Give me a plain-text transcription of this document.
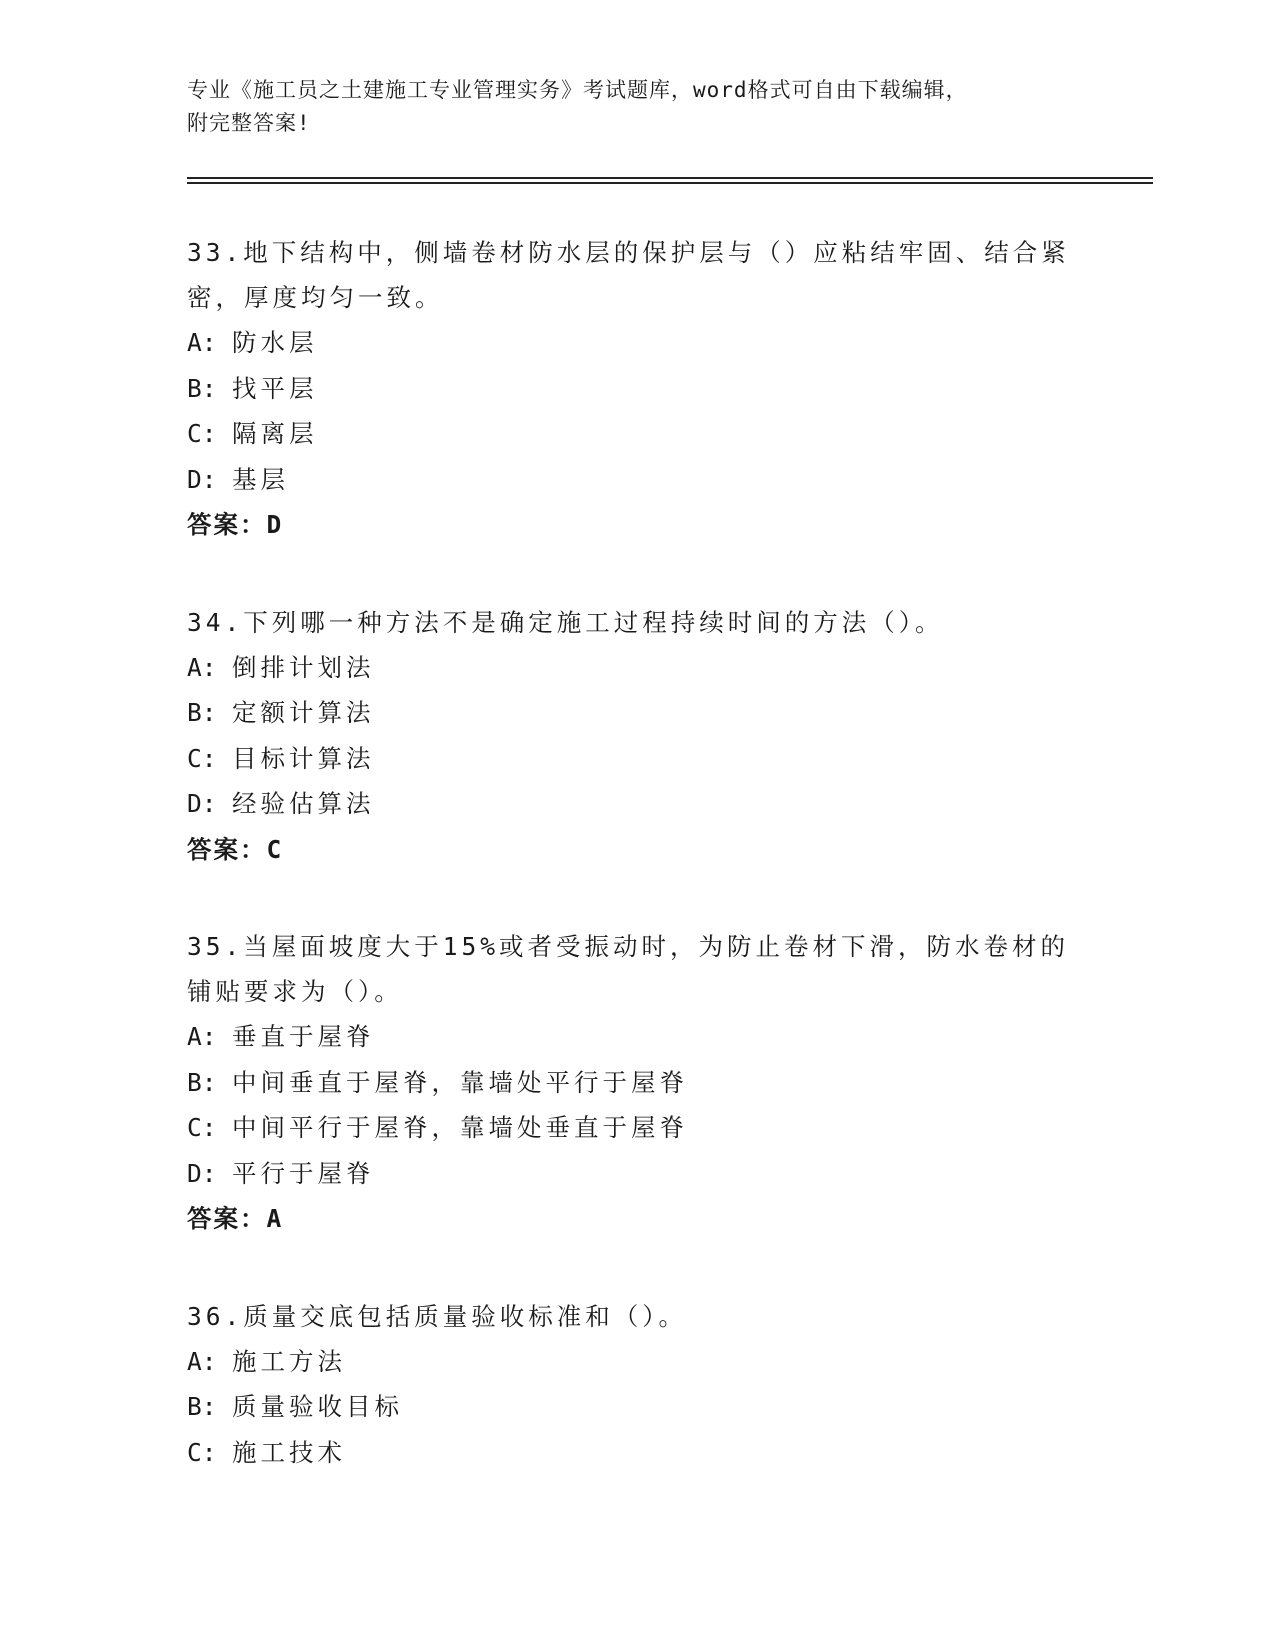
专业《施工员之土建施工专业管理实务》考试题库，word格式可自由下载编辑，
附完整答案!
33.地下结构中，侧墙卷材防水层的保护层与（）应粘结牢固、结合紧
密，厚度均匀一致。
A: 防水层
B: 找平层
C: 隔离层
D: 基层
答案：D
34.下列哪一种方法不是确定施工过程持续时间的方法（）。
A: 倒排计划法
B: 定额计算法
C: 目标计算法
D: 经验估算法
答案：C
35.当屋面坡度大于15%或者受振动时，为防止卷材下滑，防水卷材的
铺贴要求为（）。
A: 垂直于屋脊
B: 中间垂直于屋脊，靠墙处平行于屋脊
C: 中间平行于屋脊，靠墙处垂直于屋脊
D: 平行于屋脊
答案：A
36.质量交底包括质量验收标准和（）。
A: 施工方法
B: 质量验收目标
C: 施工技术
